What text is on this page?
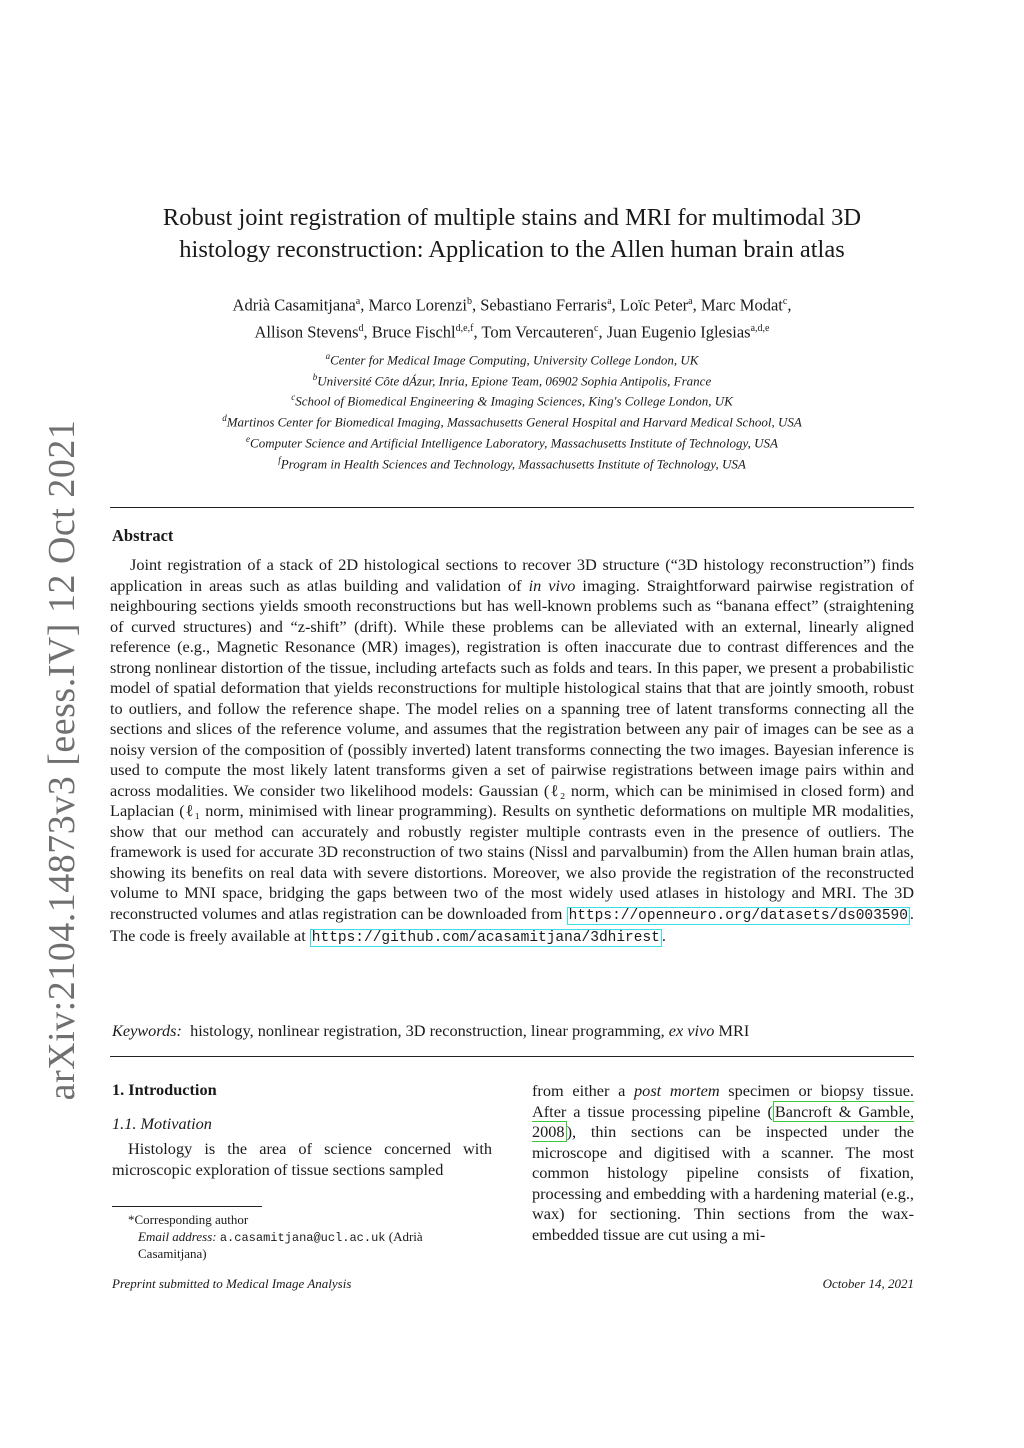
arXiv:2104.14873v3 [eess.IV] 12 Oct 2021
Robust joint registration of multiple stains and MRI for multimodal 3D
histology reconstruction: Application to the Allen human brain atlas
Adrià Casamitjana$^a$, Marco Lorenzi$^b$, Sebastiano Ferraris$^a$, Loïc Peter$^a$, Marc Modat$^c$,
Allison Stevens$^d$, Bruce Fischl$^{d,e,f}$, Tom Vercauteren$^c$, Juan Eugenio Iglesias$^{a,d,e}$
$^a$Center for Medical Image Computing, University College London, UK
$^b$Université Côte dÁzur, Inria, Epione Team, 06902 Sophia Antipolis, France
$^c$School of Biomedical Engineering & Imaging Sciences, King's College London, UK
$^d$Martinos Center for Biomedical Imaging, Massachusetts General Hospital and Harvard Medical School, USA
$^e$Computer Science and Artificial Intelligence Laboratory, Massachusetts Institute of Technology, USA
$^f$Program in Health Sciences and Technology, Massachusetts Institute of Technology, USA
Abstract
Joint registration of a stack of 2D histological sections to recover 3D structure (“3D histology reconstruction”) finds application in areas such as atlas building and validation of in vivo imaging. Straightforward pairwise registration of neighbouring sections yields smooth reconstructions but has well-known problems such as “banana effect” (straightening of curved structures) and “z-shift” (drift). While these problems can be alleviated with an external, linearly aligned reference (e.g., Magnetic Resonance (MR) images), registration is often inaccurate due to contrast differences and the strong nonlinear distortion of the tissue, including artefacts such as folds and tears. In this paper, we present a probabilistic model of spatial deformation that yields reconstructions for multiple histological stains that that are jointly smooth, robust to outliers, and follow the reference shape. The model relies on a spanning tree of latent transforms connecting all the sections and slices of the reference volume, and assumes that the registration between any pair of images can be see as a noisy version of the composition of (possibly inverted) latent transforms connecting the two images. Bayesian inference is used to compute the most likely latent transforms given a set of pairwise registrations between image pairs within and across modalities. We consider two likelihood models: Gaussian (ℓ₂ norm, which can be minimised in closed form) and Laplacian (ℓ₁ norm, minimised with linear programming). Results on synthetic deformations on multiple MR modalities, show that our method can accurately and robustly register multiple contrasts even in the presence of outliers. The framework is used for accurate 3D reconstruction of two stains (Nissl and parvalbumin) from the Allen human brain atlas, showing its benefits on real data with severe distortions. Moreover, we also provide the registration of the reconstructed volume to MNI space, bridging the gaps between two of the most widely used atlases in histology and MRI. The 3D reconstructed volumes and atlas registration can be downloaded from https://openneuro.org/datasets/ds003590 . The code is freely available at https://github.com/acasamitjana/3dhirest .
Keywords: histology, nonlinear registration, 3D reconstruction, linear programming, ex vivo MRI
1. Introduction
1.1. Motivation
Histology is the area of science concerned with microscopic exploration of tissue sections sampled
from either a post mortem specimen or biopsy tissue. After a tissue processing pipeline ( Bancroft & Gamble, 2008 ), thin sections can be inspected under the microscope and digitised with a scanner. The most common histology pipeline consists of fixation, processing and embedding with a hardening material (e.g., wax) for sectioning. Thin sections from the wax-embedded tissue are cut using a mi-
*Corresponding author
Email address: a.casamitjana@ucl.ac.uk (Adrià Casamitjana)
Preprint submitted to Medical Image Analysis	October 14, 2021
